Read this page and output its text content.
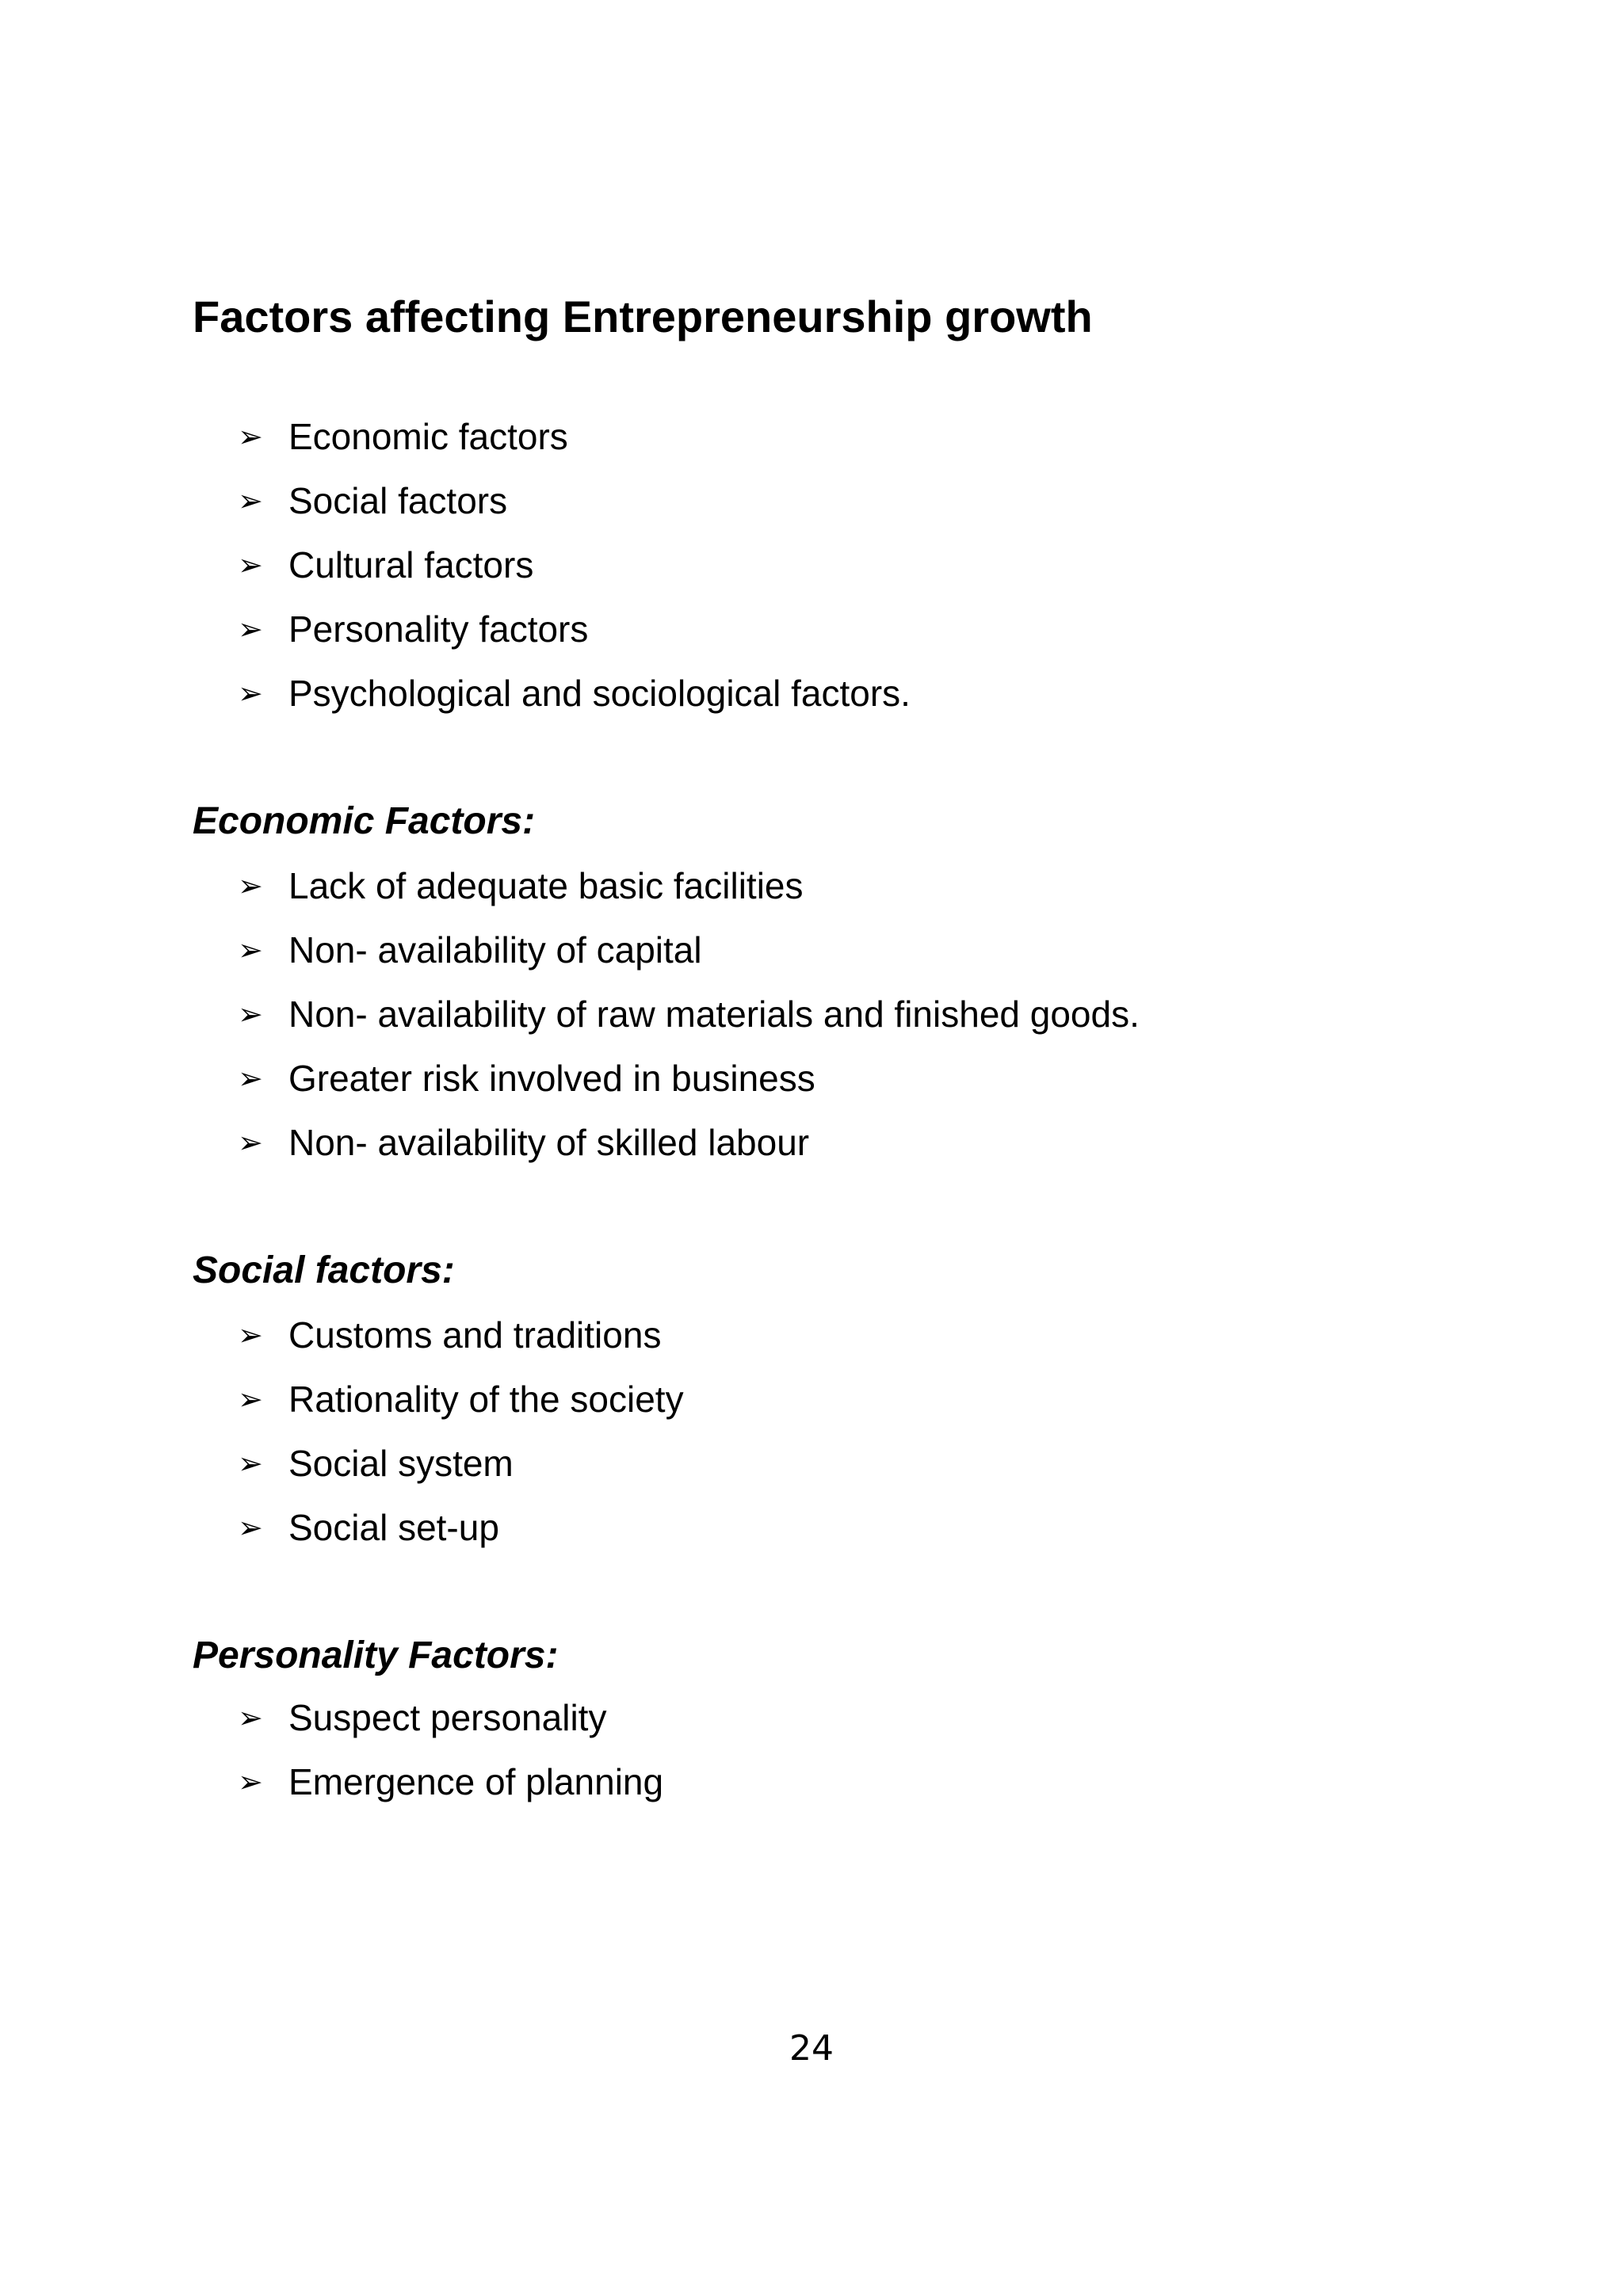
Factors affecting Entrepreneurship growth
➢ Economic factors
➢ Social factors
➢ Cultural factors
➢ Personality factors
➢ Psychological and sociological factors.
Economic Factors:
➢ Lack of adequate basic facilities
➢ Non- availability of capital
➢ Non- availability of raw materials and finished goods.
➢ Greater risk involved in business
➢ Non- availability of skilled labour
Social factors:
➢ Customs and traditions
➢ Rationality of the society
➢ Social system
➢ Social set-up
Personality Factors:
➢ Suspect personality
➢ Emergence of planning
24
